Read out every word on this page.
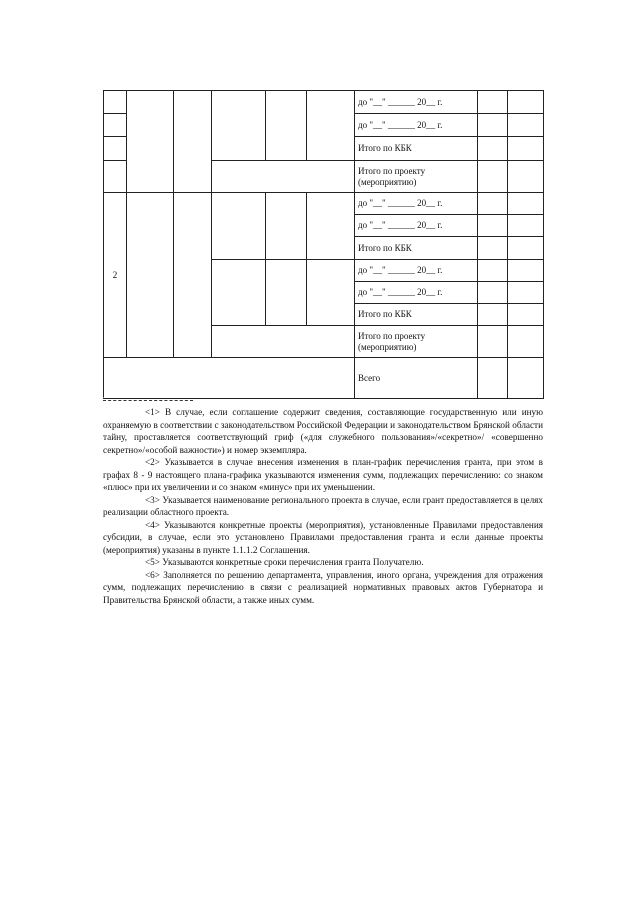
						до "__" ______ 20__ г.		
						до "__" ______ 20__ г.		
						Итого по КБК		
						Итого по проекту (мероприятию)		
2						до "__" ______ 20__ г.		
						до "__" ______ 20__ г.		
						Итого по КБК		
						до "__" ______ 20__ г.		
						до "__" ______ 20__ г.		
						Итого по КБК		
						Итого по проекту (мероприятию)		
						Всего		
--------------------------------

<1> В случае, если соглашение содержит сведения, составляющие государственную или иную охраняемую в соответствии с законодательством Российской Федерации и законодательством Брянской области тайну, проставляется соответствующий гриф («для служебного пользования»/«секретно»/ «совершенно секретно»/«особой важности») и номер экземпляра.

<2> Указывается в случае внесения изменения в план-график перечисления гранта, при этом в графах 8 - 9 настоящего плана-графика указываются изменения сумм, подлежащих перечислению: со знаком «плюс» при их увеличении и со знаком «минус» при их уменьшении.

<3> Указывается наименование регионального проекта в случае, если грант предоставляется в целях реализации областного проекта.

<4> Указываются конкретные проекты (мероприятия), установленные Правилами предоставления субсидии, в случае, если это установлено Правилами предоставления гранта и если данные проекты (мероприятия) указаны в пункте 1.1.1.2 Соглашения.

<5> Указываются конкретные сроки перечисления гранта Получателю.

<6> Заполняется по решению департамента, управления, иного органа, учреждения для отражения сумм, подлежащих перечислению в связи с реализацией нормативных правовых актов Губернатора и Правительства Брянской области, а также иных сумм.
